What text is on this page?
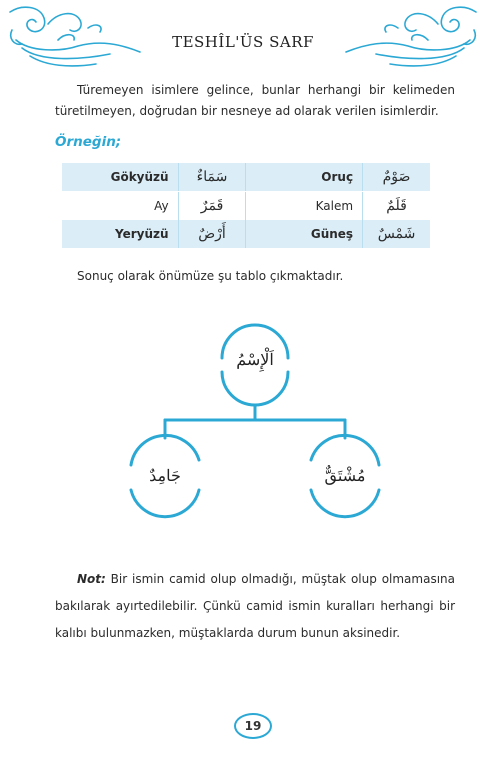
TESHÎL'ÜS SARF
Türemeyen isimlere gelince, bunlar herhangi bir kelimeden türetilmeyen, doğrudan bir nesneye ad olarak verilen isimlerdir.
Örneğin;
Gökyüzü	سَمَاءٌ	Oruç	صَوْمٌ
Ay	قَمَرٌ	Kalem	قَلَمٌ
Yeryüzü	أَرْضٌ	Güneş	شَمْسٌ
Sonuç olarak önümüze şu tablo çıkmaktadır.
اَلْإِسْمُ
جَامِدٌ	مُشْتَقٌّ
Not: Bir ismin camid olup olmadığı, müştak olup olmamasına bakılarak ayırtedilebilir. Çünkü camid ismin kuralları herhangi bir kalıbı bulunmazken, müştaklarda durum bunun aksinedir.
19
